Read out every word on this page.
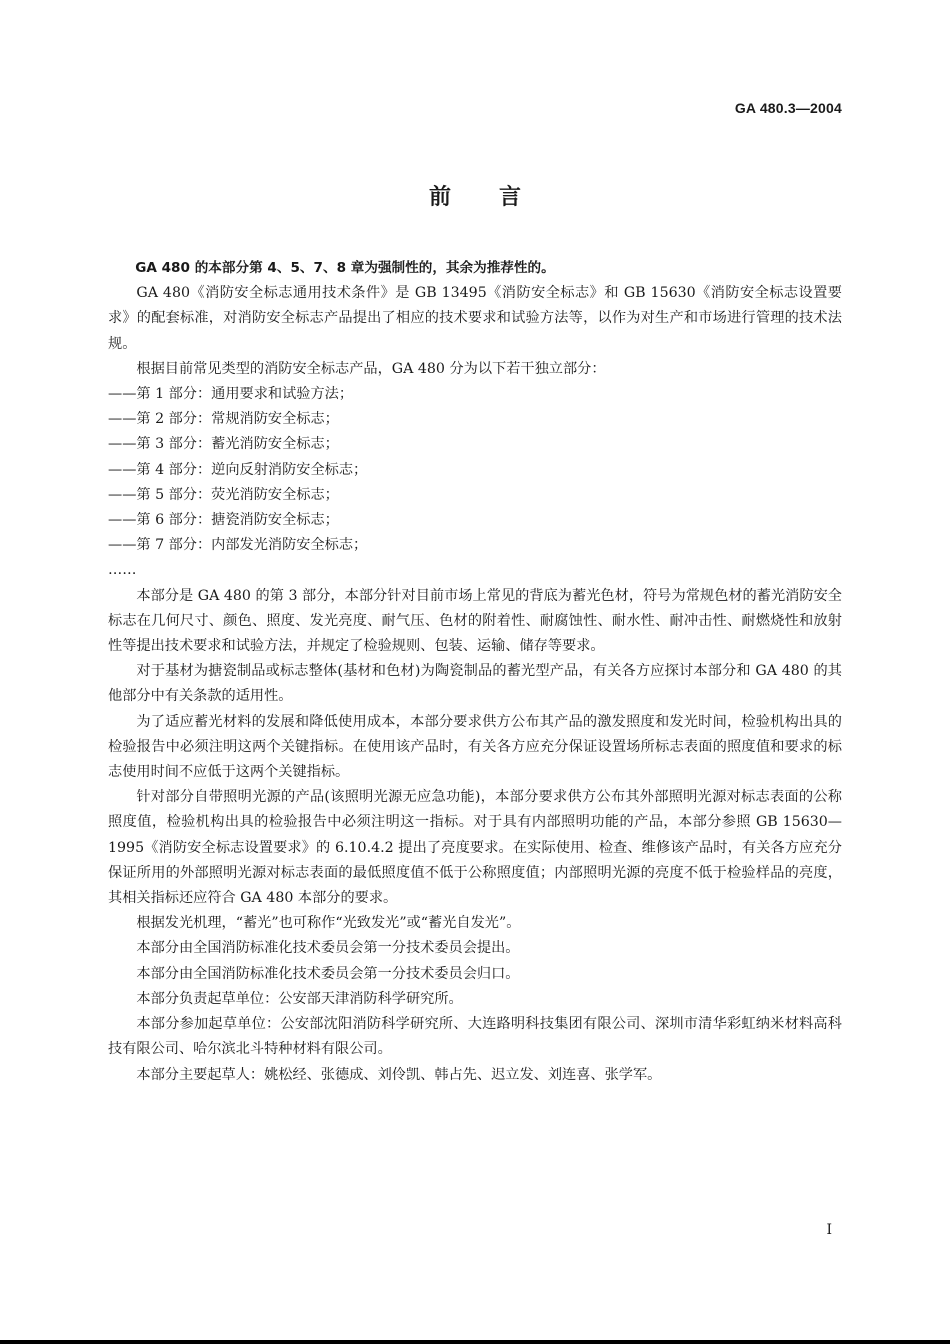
GA 480.3—2004
前 言

GA 480 的本部分第 4、5、7、8 章为强制性的，其余为推荐性的。

GA 480《消防安全标志通用技术条件》是 GB 13495《消防安全标志》和 GB 15630《消防安全标志设置要求》的配套标准，对消防安全标志产品提出了相应的技术要求和试验方法等，以作为对生产和市场进行管理的技术法规。

根据目前常见类型的消防安全标志产品，GA 480 分为以下若干独立部分：

——第 1 部分：通用要求和试验方法；

——第 2 部分：常规消防安全标志；

——第 3 部分：蓄光消防安全标志；

——第 4 部分：逆向反射消防安全标志；

——第 5 部分：荧光消防安全标志；

——第 6 部分：搪瓷消防安全标志；

——第 7 部分：内部发光消防安全标志；

……

本部分是 GA 480 的第 3 部分，本部分针对目前市场上常见的背底为蓄光色材，符号为常规色材的蓄光消防安全标志在几何尺寸、颜色、照度、发光亮度、耐气压、色材的附着性、耐腐蚀性、耐水性、耐冲击性、耐燃烧性和放射性等提出技术要求和试验方法，并规定了检验规则、包装、运输、储存等要求。

对于基材为搪瓷制品或标志整体(基材和色材)为陶瓷制品的蓄光型产品，有关各方应探讨本部分和 GA 480 的其他部分中有关条款的适用性。

为了适应蓄光材料的发展和降低使用成本，本部分要求供方公布其产品的激发照度和发光时间，检验机构出具的检验报告中必须注明这两个关键指标。在使用该产品时，有关各方应充分保证设置场所标志表面的照度值和要求的标志使用时间不应低于这两个关键指标。

针对部分自带照明光源的产品(该照明光源无应急功能)，本部分要求供方公布其外部照明光源对标志表面的公称照度值，检验机构出具的检验报告中必须注明这一指标。对于具有内部照明功能的产品，本部分参照 GB 15630—1995《消防安全标志设置要求》的 6.10.4.2 提出了亮度要求。在实际使用、检查、维修该产品时，有关各方应充分保证所用的外部照明光源对标志表面的最低照度值不低于公称照度值；内部照明光源的亮度不低于检验样品的亮度，其相关指标还应符合 GA 480 本部分的要求。

根据发光机理，“蓄光”也可称作“光致发光”或“蓄光自发光”。

本部分由全国消防标准化技术委员会第一分技术委员会提出。

本部分由全国消防标准化技术委员会第一分技术委员会归口。

本部分负责起草单位：公安部天津消防科学研究所。

本部分参加起草单位：公安部沈阳消防科学研究所、大连路明科技集团有限公司、深圳市清华彩虹纳米材料高科技有限公司、哈尔滨北斗特种材料有限公司。

本部分主要起草人：姚松经、张德成、刘伶凯、韩占先、迟立发、刘连喜、张学军。

I
